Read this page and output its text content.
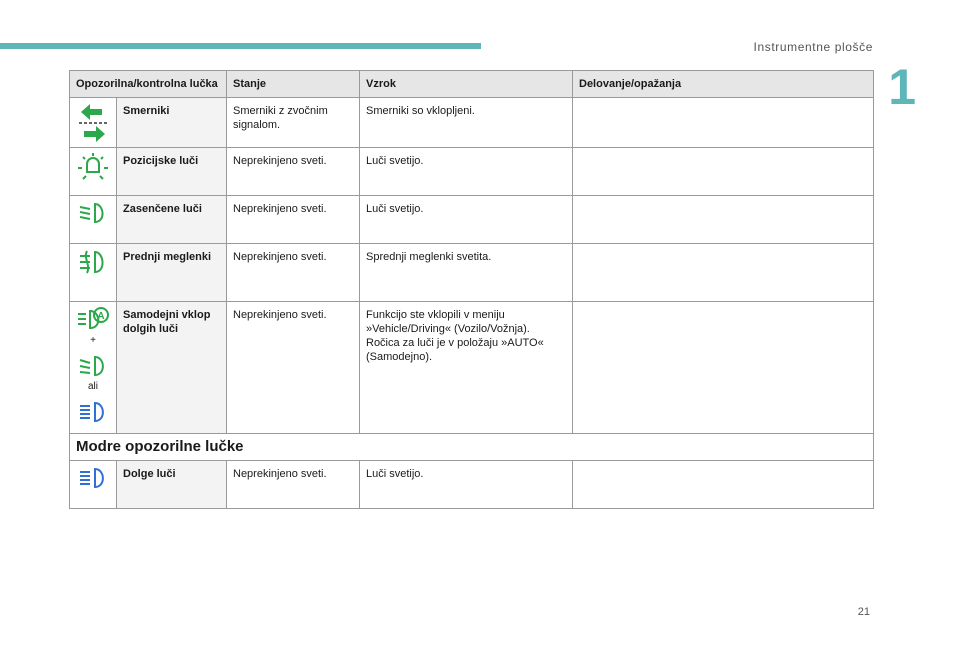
Instrumentne plošče
1
Opozorilna/kontrolna lučka		Stanje	Vzrok	Delovanje/opažanja

	Smerniki	Smerniki z zvočnim signalom.	Smerniki so vklopljeni.	

	Pozicijske luči	Neprekinjeno sveti.	Luči svetijo.	

	Zasenčene luči	Neprekinjeno sveti.	Luči svetijo.	

	Prednji meglenki	Neprekinjeno sveti.	Sprednji meglenki svetita.	

A
+
ali	Samodejni vklop dolgih luči	Neprekinjeno sveti.	Funkcijo ste vklopili v meniju »Vehicle/Driving« (Vozilo/Vožnja). Ročica za luči je v položaju »AUTO« (Samodejno).	
Modre opozorilne lučke				

	Dolge luči	Neprekinjeno sveti.	Luči svetijo.	
21
